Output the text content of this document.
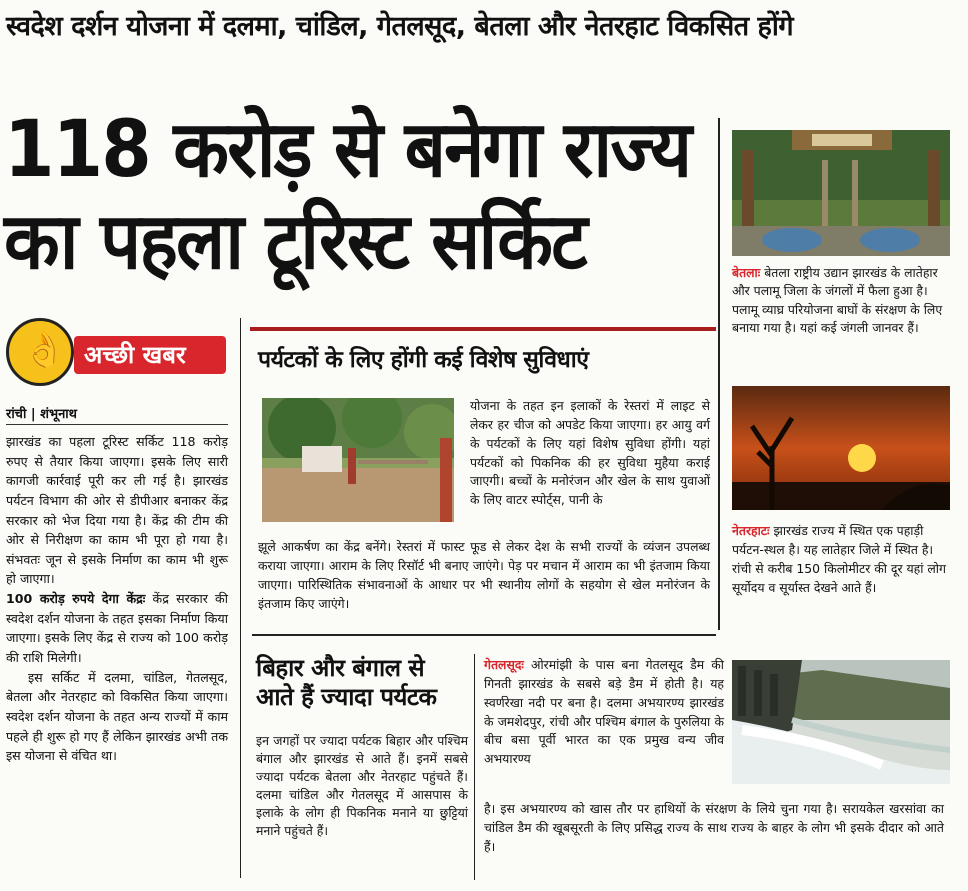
स्वदेश दर्शन योजना में दलमा, चांडिल, गेतलसूद, बेतला और नेतरहाट विकसित होंगे
118 करोड़ से बनेगा राज्य
का पहला टूरिस्ट सर्किट
👌 अच्छी खबर
रांची | शंभूनाथ

झारखंड का पहला टूरिस्ट सर्किट 118 करोड़ रुपए से तैयार किया जाएगा। इसके लिए सारी कागजी कार्रवाई पूरी कर ली गई है। झारखंड पर्यटन विभाग की ओर से डीपीआर बनाकर केंद्र सरकार को भेज दिया गया है। केंद्र की टीम की ओर से निरीक्षण का काम भी पूरा हो गया है। संभवतः जून से इसके निर्माण का काम भी शुरू हो जाएगा।

100 करोड़ रुपये देगा केंद्रः केंद्र सरकार की स्वदेश दर्शन योजना के तहत इसका निर्माण किया जाएगा। इसके लिए केंद्र से राज्य को 100 करोड़ की राशि मिलेगी।

इस सर्किट में दलमा, चांडिल, गेतलसूद, बेतला और नेतरहाट को विकसित किया जाएगा। स्वदेश दर्शन योजना के तहत अन्य राज्यों में काम पहले ही शुरू हो गए हैं लेकिन झारखंड अभी तक इस योजना से वंचित था।

पर्यटकों के लिए होंगी कई विशेष सुविधाएं
योजना के तहत इन इलाकों के रेस्तरां में लाइट से लेकर हर चीज को अपडेट किया जाएगा। हर आयु वर्ग के पर्यटकों के लिए यहां विशेष सुविधा होंगी। यहां पर्यटकों को पिकनिक की हर सुविधा मुहैया कराई जाएगी। बच्चों के मनोरंजन और खेल के साथ युवाओं के लिए वाटर स्पोर्ट्स, पानी के
झूले आकर्षण का केंद्र बनेंगे। रेस्तरां में फास्ट फूड से लेकर देश के सभी राज्यों के व्यंजन उपलब्ध कराया जाएगा। आराम के लिए रिसॉर्ट भी बनाए जाएंगे। पेड़ पर मचान में आराम का भी इंतजाम किया जाएगा। पारिस्थितिक संभावनाओं के आधार पर भी स्थानीय लोगों के सहयोग से खेल मनोरंजन के इंतजाम किए जाएंगे।
बिहार और बंगाल से आते हैं ज्यादा पर्यटक
इन जगहों पर ज्यादा पर्यटक बिहार और पश्चिम बंगाल और झारखंड से आते हैं। इनमें सबसे ज्यादा पर्यटक बेतला और नेतरहाट पहुंचते हैं। दलमा चांडिल और गेतलसूद में आसपास के इलाके के लोग ही पिकनिक मनाने या छुट्टियां मनाने पहुंचते हैं।
गेतलसूदः ओरमांझी के पास बना गेतलसूद डैम की गिनती झारखंड के सबसे बड़े डैम में होती है। यह स्वर्णरेखा नदी पर बना है। दलमा अभयारण्य झारखंड के जमशेदपुर, रांची और पश्चिम बंगाल के पुरुलिया के बीच बसा पूर्वी भारत का एक प्रमुख वन्य जीव अभयारण्य
है। इस अभयारण्य को खास तौर पर हाथियों के संरक्षण के लिये चुना गया है। सरायकेल खरसांवा का चांडिल डैम की खूबसूरती के लिए प्रसिद्ध राज्य के साथ राज्य के बाहर के लोग भी इसके दीदार को आते हैं।
बेतलाः बेतला राष्ट्रीय उद्यान झारखंड के लातेहार और पलामू जिला के जंगलों में फैला हुआ है। पलामू व्याघ्र परियोजना बाघों के संरक्षण के लिए बनाया गया है। यहां कई जंगली जानवर हैं।
नेतरहाटः झारखंड राज्य में स्थित एक पहाड़ी पर्यटन-स्थल है। यह लातेहार जिले में स्थित है। रांची से करीब 150 किलोमीटर की दूर यहां लोग सूर्योदय व सूर्यास्त देखने आते हैं।
